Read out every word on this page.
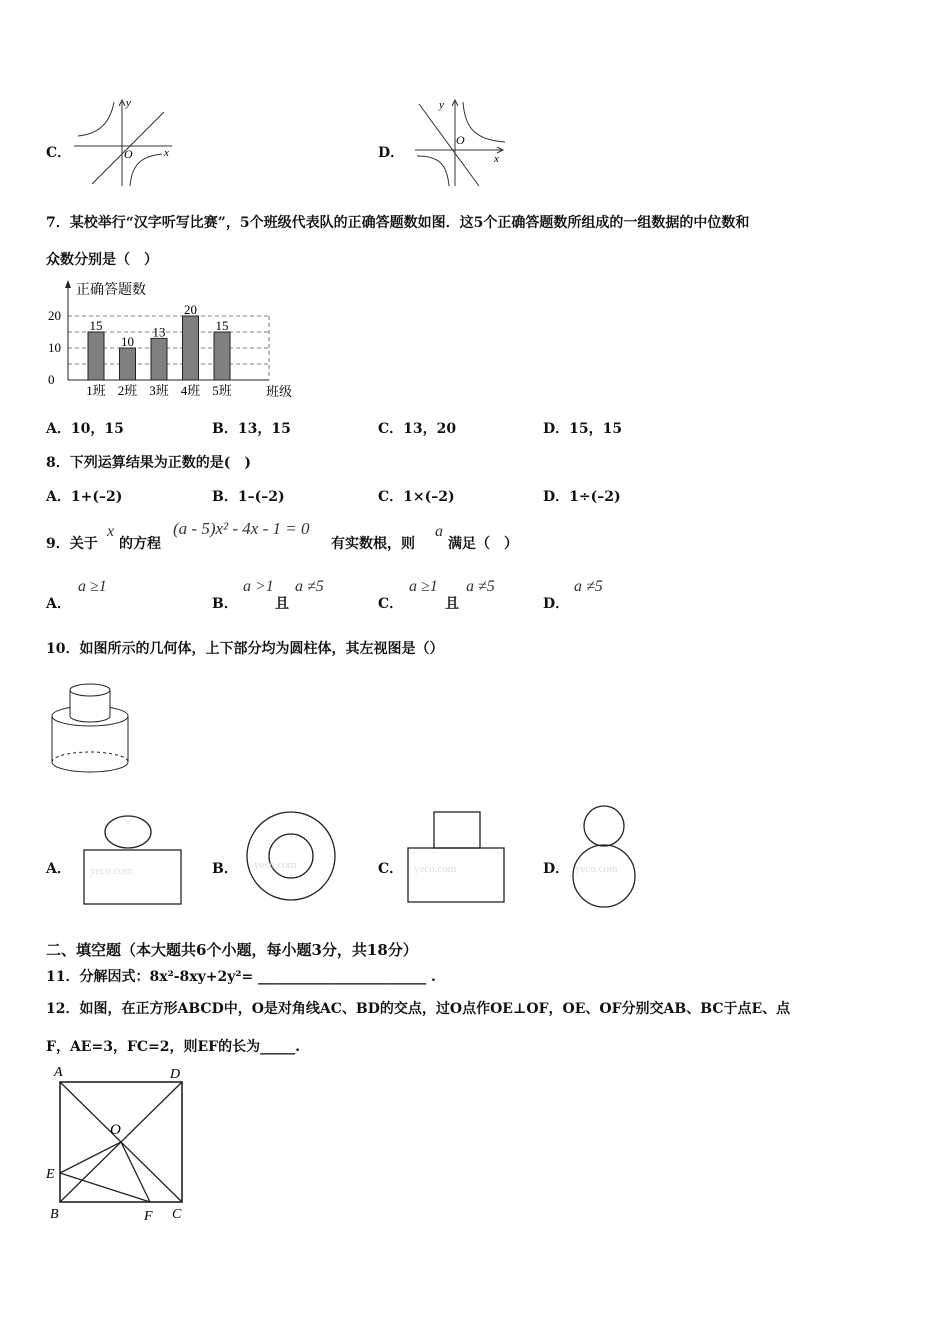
C．
y
x
O	D．
y
x
O
7．某校举行“汉字听写比赛”，5个班级代表队的正确答题数如图．这5个正确答题数所组成的一组数据的中位数和
众数分别是（　）
正确答题数
0
10
20
15
1班
10
2班
13
3班
20
4班
15
5班	班级
A．10，15	B．13，15	C．13，20	D．15，15
8．下列运算结果为正数的是(　)
A．1+(–2)	B．1–(–2)	C．1×(–2)	D．1÷(–2)
9．关于
x
的方程
(a - 5)x² - 4x - 1 = 0
有实数根，则
a
满足（　）
A．
a ≥1
B．
a >1
且
a ≠5
C．
a ≥1
且
a ≠5
D．
a ≠5
10．如图所示的几何体，上下部分均为圆柱体，其左视图是（）
A． yeco.com	B． yeco.com	C． yeco.com	D． yeco.com
二、填空题（本大题共6个小题，每小题3分，共18分）
11．分解因式：8x²-8xy+2y²= ________________________ .
12．如图，在正方形ABCD中，O是对角线AC、BD的交点，过O点作OE⊥OF，OE、OF分别交AB、BC于点E、点
F，AE=3，FC=2，则EF的长为_____.
A	D
O
E
B	F C
